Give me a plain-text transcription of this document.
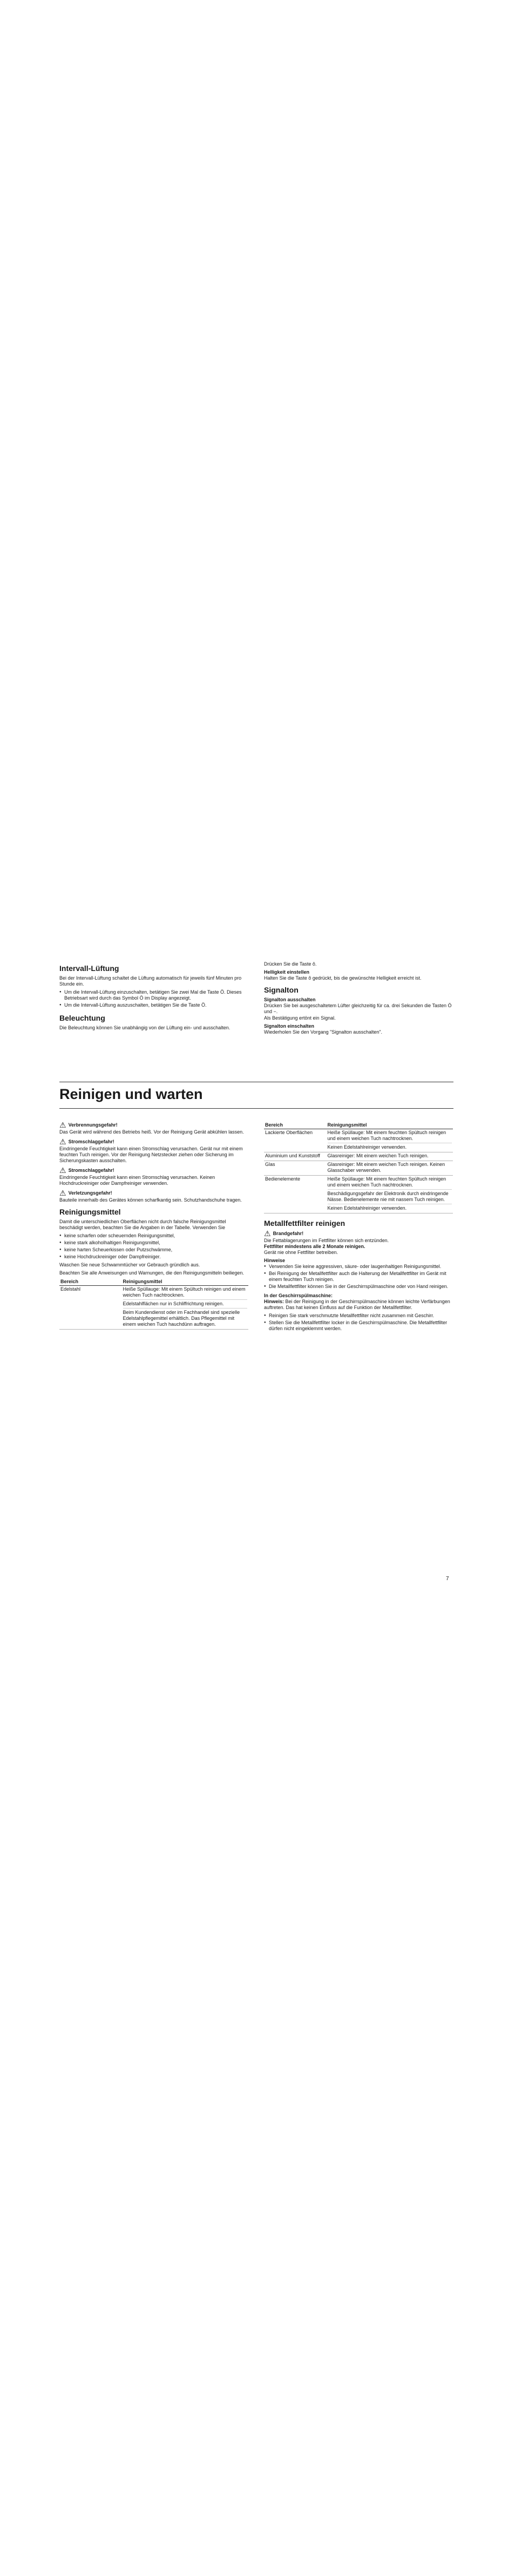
Intervall-Lüftung

Bei der Intervall-Lüftung schaltet die Lüftung automatisch für jeweils fünf Minuten pro Stunde ein.

● Um die Intervall-Lüftung einzuschalten, betätigen Sie zwei Mal die Taste Ö. Dieses Betriebsart wird durch das Symbol Ö im Display angezeigt.
● Um die Intervall-Lüftung auszuschalten, betätigen Sie die Taste Ö.
Beleuchtung

Die Beleuchtung können Sie unabhängig von der Lüftung ein- und ausschalten.

Drücken Sie die Taste ô.

Helligkeit einstellen

Halten Sie die Taste ô gedrückt, bis die gewünschte Helligkeit erreicht ist.

Signalton
Signalton ausschalten

Drücken Sie bei ausgeschaltetem Lüfter gleichzeitig für ca. drei Sekunden die Tasten Ö und −.

Als Bestätigung ertönt ein Signal.

Signalton einschalten

Wiederholen Sie den Vorgang "Signalton ausschalten".

Reinigen und warten
⚠ Verbrennungsgefahr!

Das Gerät wird während des Betriebs heiß. Vor der Reinigung Gerät abkühlen lassen.

⚠ Stromschlaggefahr!

Eindringende Feuchtigkeit kann einen Stromschlag verursachen. Gerät nur mit einem feuchten Tuch reinigen. Vor der Reinigung Netzstecker ziehen oder Sicherung im Sicherungskasten ausschalten.

⚠ Stromschlaggefahr!

Eindringende Feuchtigkeit kann einen Stromschlag verursachen. Keinen Hochdruckreiniger oder Dampfreiniger verwenden.

⚠ Verletzungsgefahr!

Bauteile innerhalb des Gerätes können scharfkantig sein. Schutzhandschuhe tragen.

Reinigungsmittel

Damit die unterschiedlichen Oberflächen nicht durch falsche Reinigungsmittel beschädigt werden, beachten Sie die Angaben in der Tabelle. Verwenden Sie

● keine scharfen oder scheuernden Reinigungsmittel,
● keine stark alkoholhaltigen Reinigungsmittel,
● keine harten Scheuerkissen oder Putzschwämme,
● keine Hochdruckreiniger oder Dampfreiniger.

Waschen Sie neue Schwammtücher vor Gebrauch gründlich aus.

Beachten Sie alle Anweisungen und Warnungen, die den Reinigungsmitteln beiliegen.

Bereich	Reinigungsmittel
Edelstahl	Heiße Spüllauge: Mit einem Spültuch reinigen und einem weichen Tuch nachtrocknen.
Edelstahlflächen nur in Schliffrichtung reinigen.
Beim Kundendienst oder im Fachhandel sind spezielle Edelstahlpflegemittel erhältlich. Das Pflegemittel mit einem weichen Tuch hauchdünn auftragen.
Bereich	Reinigungsmittel
Lackierte Oberflächen	Heiße Spüllauge: Mit einem feuchten Spültuch reinigen und einem weichen Tuch nachtrocknen.
Keinen Edelstahlreiniger verwenden.

Aluminium und Kunststoff	Glasreiniger: Mit einem weichen Tuch reinigen.

Glas	Glasreiniger: Mit einem weichen Tuch reinigen. Keinen Glasschaber verwenden.

Bedienelemente	Heiße Spüllauge: Mit einem feuchten Spültuch reinigen und einem weichen Tuch nachtrocknen.
Beschädigungsgefahr der Elektronik durch eindringende Nässe. Bedienelemente nie mit nassem Tuch reinigen.
Keinen Edelstahlreiniger verwenden.
Metallfettfilter reinigen
⚠ Brandgefahr!

Die Fettablagerungen im Fettfilter können sich entzünden.

Fettfilter mindestens alle 2 Monate reinigen.

Gerät nie ohne Fettfilter betreiben.

Hinweise
● Verwenden Sie keine aggressiven, säure- oder laugenhaltigen Reinigungsmittel.
● Bei Reinigung der Metallfettfilter auch die Halterung der Metallfettfilter im Gerät mit einem feuchten Tuch reinigen.
● Die Metallfettfilter können Sie in der Geschirrspülmaschine oder von Hand reinigen.
In der Geschirrspülmaschine:

Hinweis: Bei der Reinigung in der Geschirrspülmaschine können leichte Verfärbungen auftreten. Das hat keinen Einfluss auf die Funktion der Metallfettfilter.

● Reinigen Sie stark verschmutzte Metallfettfilter nicht zusammen mit Geschirr.
● Stellen Sie die Metallfettfilter locker in die Geschirrspülmaschine. Die Metallfettfilter dürfen nicht eingeklemmt werden.
7
